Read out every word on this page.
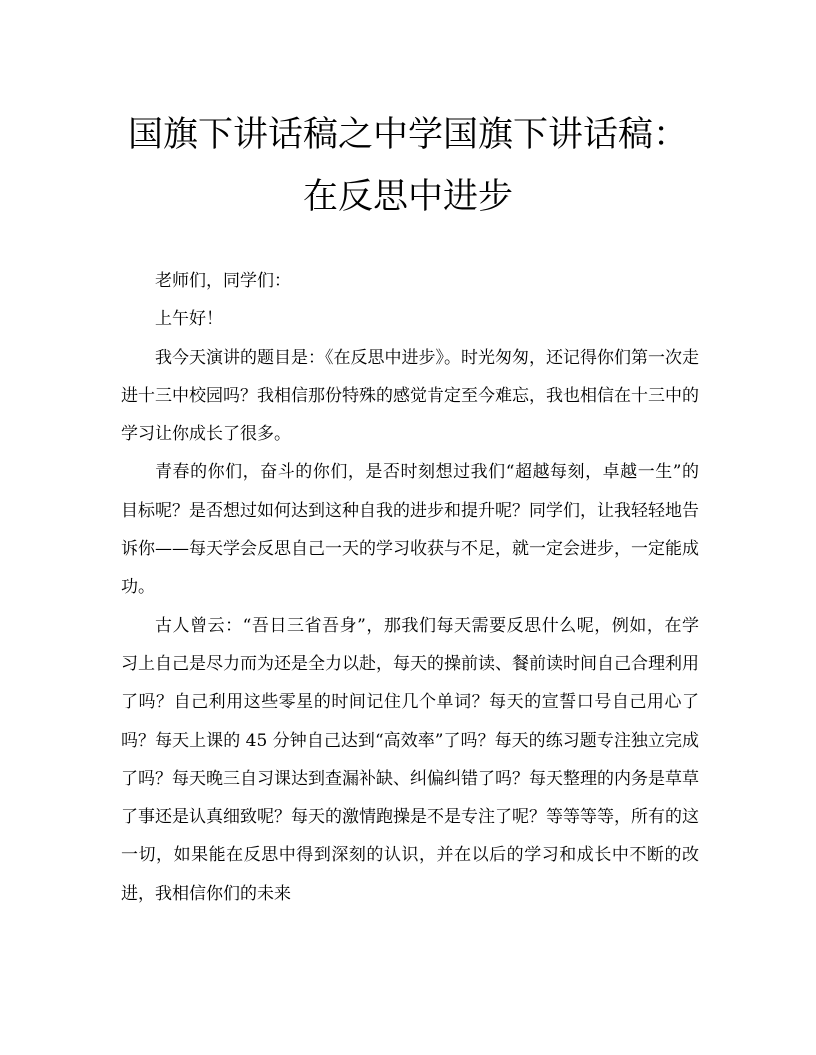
国旗下讲话稿之中学国旗下讲话稿：在反思中进步

老师们，同学们：

上午好！

我今天演讲的题目是：《在反思中进步》。时光匆匆，还记得你们第一次走进十三中校园吗？我相信那份特殊的感觉肯定至今难忘，我也相信在十三中的学习让你成长了很多。

青春的你们，奋斗的你们，是否时刻想过我们“超越每刻，卓越一生”的目标呢？是否想过如何达到这种自我的进步和提升呢？同学们，让我轻轻地告诉你——每天学会反思自己一天的学习收获与不足，就一定会进步，一定能成功。

古人曾云：“吾日三省吾身”，那我们每天需要反思什么呢，例如，在学习上自己是尽力而为还是全力以赴，每天的操前读、餐前读时间自己合理利用了吗？自己利用这些零星的时间记住几个单词？每天的宣誓口号自己用心了吗？每天上课的 45 分钟自己达到“高效率”了吗？每天的练习题专注独立完成了吗？每天晚三自习课达到查漏补缺、纠偏纠错了吗？每天整理的内务是草草了事还是认真细致呢？每天的激情跑操是不是专注了呢？等等等等，所有的这一切，如果能在反思中得到深刻的认识，并在以后的学习和成长中不断的改进，我相信你们的未来
